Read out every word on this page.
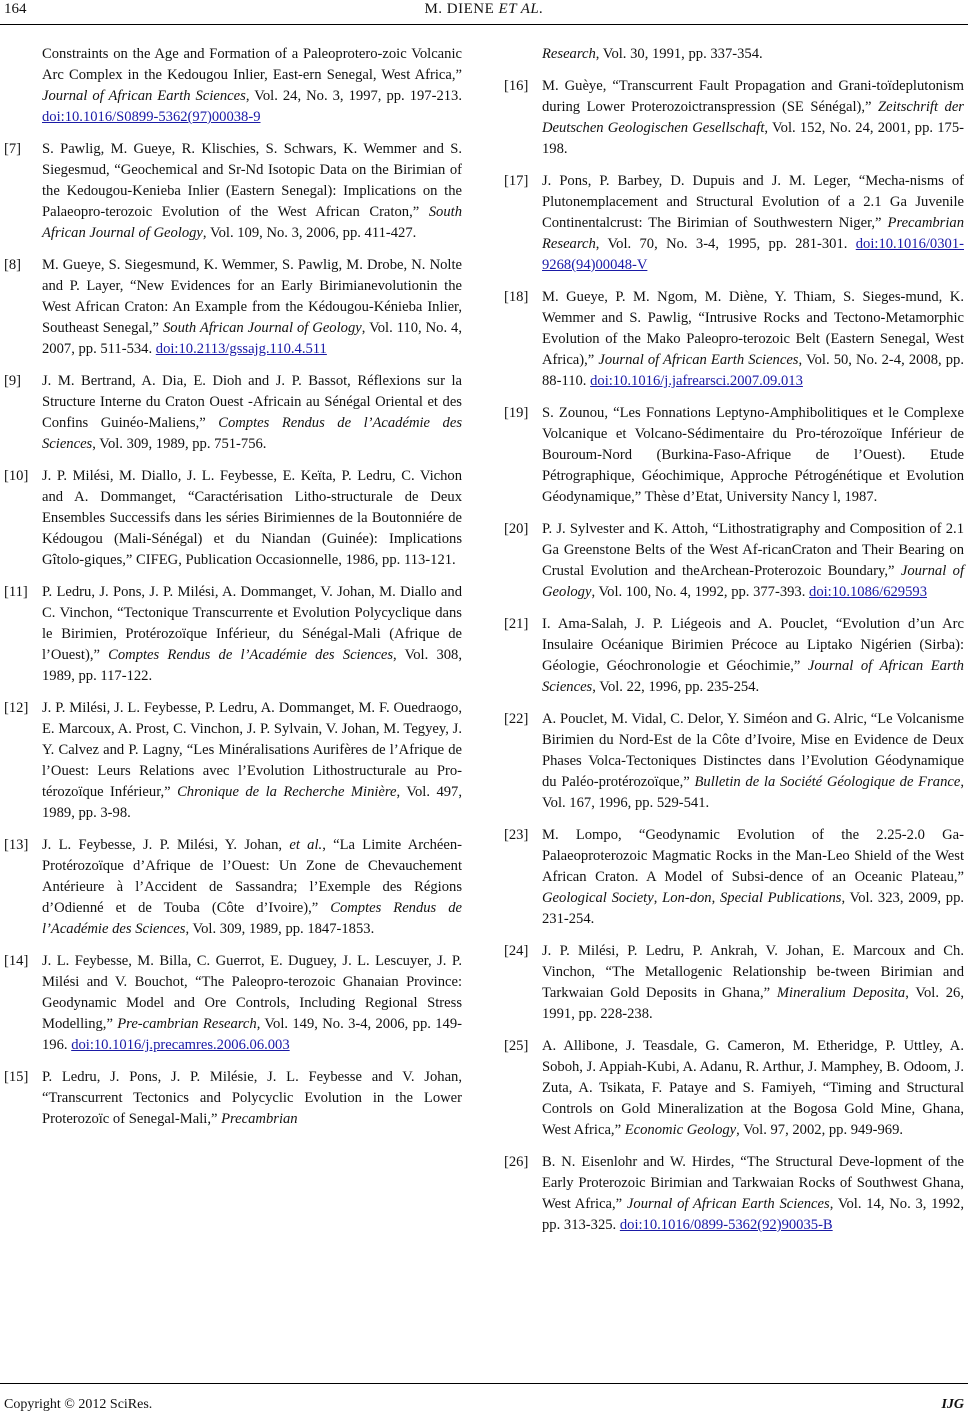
164	M. DIENE ET AL.
Constraints on the Age and Formation of a Paleoprotero-zoic Volcanic Arc Complex in the Kedougou Inlier, East-ern Senegal, West Africa,” Journal of African Earth Sciences, Vol. 24, No. 3, 1997, pp. 197-213. doi:10.1016/S0899-5362(97)00038-9
[7] S. Pawlig, M. Gueye, R. Klischies, S. Schwars, K. Wemmer and S. Siegesmud, “Geochemical and Sr-Nd Isotopic Data on the Birimian of the Kedougou-Kenieba Inlier (Eastern Senegal): Implications on the Palaeopro-terozoic Evolution of the West African Craton,” South African Journal of Geology, Vol. 109, No. 3, 2006, pp. 411-427.
[8] M. Gueye, S. Siegesmund, K. Wemmer, S. Pawlig, M. Drobe, N. Nolte and P. Layer, “New Evidences for an Early Birimianevolutionin the West African Craton: An Example from the Kédougou-Kénieba Inlier, Southeast Senegal,” South African Journal of Geology, Vol. 110, No. 4, 2007, pp. 511-534. doi:10.2113/gssajg.110.4.511
[9] J. M. Bertrand, A. Dia, E. Dioh and J. P. Bassot, Réflexions sur la Structure Interne du Craton Ouest -Africain au Sénégal Oriental et des Confins Guinéo-Maliens,” Comptes Rendus de l’Académie des Sciences, Vol. 309, 1989, pp. 751-756.
[10] J. P. Milési, M. Diallo, J. L. Feybesse, E. Keïta, P. Ledru, C. Vichon and A. Dommanget, “Caractérisation Litho-structurale de Deux Ensembles Successifs dans les séries Birimiennes de la Boutonniére de Kédougou (Mali-Sénégal) et du Niandan (Guinée): Implications Gîtolo-giques,” CIFEG, Publication Occasionnelle, 1986, pp. 113-121.
[11] P. Ledru, J. Pons, J. P. Milési, A. Dommanget, V. Johan, M. Diallo and C. Vinchon, “Tectonique Transcurrente et Evolution Polycyclique dans le Birimien, Protérozoïque Inférieur, du Sénégal-Mali (Afrique de l’Ouest),” Comptes Rendus de l’Académie des Sciences, Vol. 308, 1989, pp. 117-122.
[12] J. P. Milési, J. L. Feybesse, P. Ledru, A. Dommanget, M. F. Ouedraogo, E. Marcoux, A. Prost, C. Vinchon, J. P. Sylvain, V. Johan, M. Tegyey, J. Y. Calvez and P. Lagny, “Les Minéralisations Aurifères de l’Afrique de l’Ouest: Leurs Relations avec l’Evolution Lithostructurale au Pro-térozoïque Inférieur,” Chronique de la Recherche Minière, Vol. 497, 1989, pp. 3-98.
[13] J. L. Feybesse, J. P. Milési, Y. Johan, et al., “La Limite Archéen-Protérozoïque d’Afrique de l’Ouest: Un Zone de Chevauchement Antérieure à l’Accident de Sassandra; l’Exemple des Régions d’Odienné et de Touba (Côte d’Ivoire),” Comptes Rendus de l’Académie des Sciences, Vol. 309, 1989, pp. 1847-1853.
[14] J. L. Feybesse, M. Billa, C. Guerrot, E. Duguey, J. L. Lescuyer, J. P. Milési and V. Bouchot, “The Paleopro-terozoic Ghanaian Province: Geodynamic Model and Ore Controls, Including Regional Stress Modelling,” Pre-cambrian Research, Vol. 149, No. 3-4, 2006, pp. 149-196. doi:10.1016/j.precamres.2006.06.003
[15] P. Ledru, J. Pons, J. P. Milésie, J. L. Feybesse and V. Johan, “Transcurrent Tectonics and Polycyclic Evolution in the Lower Proterozoïc of Senegal-Mali,” Precambrian
Research, Vol. 30, 1991, pp. 337-354.
[16] M. Guèye, “Transcurrent Fault Propagation and Grani-toïdeplutonism during Lower Proterozoictranspression (SE Sénégal),” Zeitschrift der Deutschen Geologischen Gesellschaft, Vol. 152, No. 24, 2001, pp. 175-198.
[17] J. Pons, P. Barbey, D. Dupuis and J. M. Leger, “Mecha-nisms of Plutonemplacement and Structural Evolution of a 2.1 Ga Juvenile Continentalcrust: The Birimian of Southwestern Niger,” Precambrian Research, Vol. 70, No. 3-4, 1995, pp. 281-301. doi:10.1016/0301-9268(94)00048-V
[18] M. Gueye, P. M. Ngom, M. Diène, Y. Thiam, S. Sieges-mund, K. Wemmer and S. Pawlig, “Intrusive Rocks and Tectono-Metamorphic Evolution of the Mako Paleopro-terozoic Belt (Eastern Senegal, West Africa),” Journal of African Earth Sciences, Vol. 50, No. 2-4, 2008, pp. 88-110. doi:10.1016/j.jafrearsci.2007.09.013
[19] S. Zounou, “Les Fonnations Leptyno-Amphibolitiques et le Complexe Volcanique et Volcano-Sédimentaire du Pro-térozoïque Inférieur de Bouroum-Nord (Burkina-Faso-Afrique de l’Ouest). Etude Pétrographique, Géochimique, Approche Pétrogénétique et Evolution Géodynamique,” Thèse d’Etat, University Nancy l, 1987.
[20] P. J. Sylvester and K. Attoh, “Lithostratigraphy and Composition of 2.1 Ga Greenstone Belts of the West Af-ricanCraton and Their Bearing on Crustal Evolution and theArchean-Proterozoic Boundary,” Journal of Geology, Vol. 100, No. 4, 1992, pp. 377-393. doi:10.1086/629593
[21] I. Ama-Salah, J. P. Liégeois and A. Pouclet, “Evolution d’un Arc Insulaire Océanique Birimien Précoce au Liptako Nigérien (Sirba): Géologie, Géochronologie et Géochimie,” Journal of African Earth Sciences, Vol. 22, 1996, pp. 235-254.
[22] A. Pouclet, M. Vidal, C. Delor, Y. Siméon and G. Alric, “Le Volcanisme Birimien du Nord-Est de la Côte d’Ivoire, Mise en Evidence de Deux Phases Volca-Tectoniques Distinctes dans l’Evolution Géodynamique du Paléo-protérozoïque,” Bulletin de la Société Géologique de France, Vol. 167, 1996, pp. 529-541.
[23] M. Lompo, “Geodynamic Evolution of the 2.25-2.0 Ga-Palaeoproterozoic Magmatic Rocks in the Man-Leo Shield of the West African Craton. A Model of Subsi-dence of an Oceanic Plateau,” Geological Society, Lon-don, Special Publications, Vol. 323, 2009, pp. 231-254.
[24] J. P. Milési, P. Ledru, P. Ankrah, V. Johan, E. Marcoux and Ch. Vinchon, “The Metallogenic Relationship be-tween Birimian and Tarkwaian Gold Deposits in Ghana,” Mineralium Deposita, Vol. 26, 1991, pp. 228-238.
[25] A. Allibone, J. Teasdale, G. Cameron, M. Etheridge, P. Uttley, A. Soboh, J. Appiah-Kubi, A. Adanu, R. Arthur, J. Mamphey, B. Odoom, J. Zuta, A. Tsikata, F. Pataye and S. Famiyeh, “Timing and Structural Controls on Gold Mineralization at the Bogosa Gold Mine, Ghana, West Africa,” Economic Geology, Vol. 97, 2002, pp. 949-969.
[26] B. N. Eisenlohr and W. Hirdes, “The Structural Deve-lopment of the Early Proterozoic Birimian and Tarkwaian Rocks of Southwest Ghana, West Africa,” Journal of African Earth Sciences, Vol. 14, No. 3, 1992, pp. 313-325. doi:10.1016/0899-5362(92)90035-B
Copyright © 2012 SciRes.	IJG
